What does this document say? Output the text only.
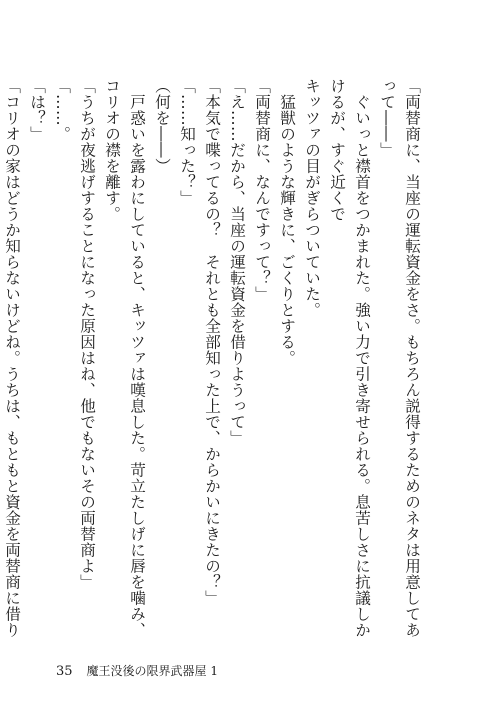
「両替商に、当座の運転資金をさ。もちろん説得するためのネタは用意してあって――」

　ぐいっと襟首をつかまれた。強い力で引き寄せられる。息苦しさに抗議しかけるが、すぐ近くで

キッツァの目がぎらついていた。

　猛獣のような輝きに、ごくりとする。

「両替商に、なんですって？」

「え……だから、当座の運転資金を借りようって」

「本気で喋ってるの？　それとも全部知った上で、からかいにきたの？」

「……知った？」

（何を――）

　戸惑いを露わにしていると、キッツァは嘆息した。苛立たしげに唇を噛み、コリオの襟を離す。

「うちが夜逃げすることになった原因はね、他でもないその両替商よ」

「……。

「は？」

「コリオの家はどうか知らないけどね。うちは、もともと資金を両替商に借り

35 魔王没後の限界武器屋 1
